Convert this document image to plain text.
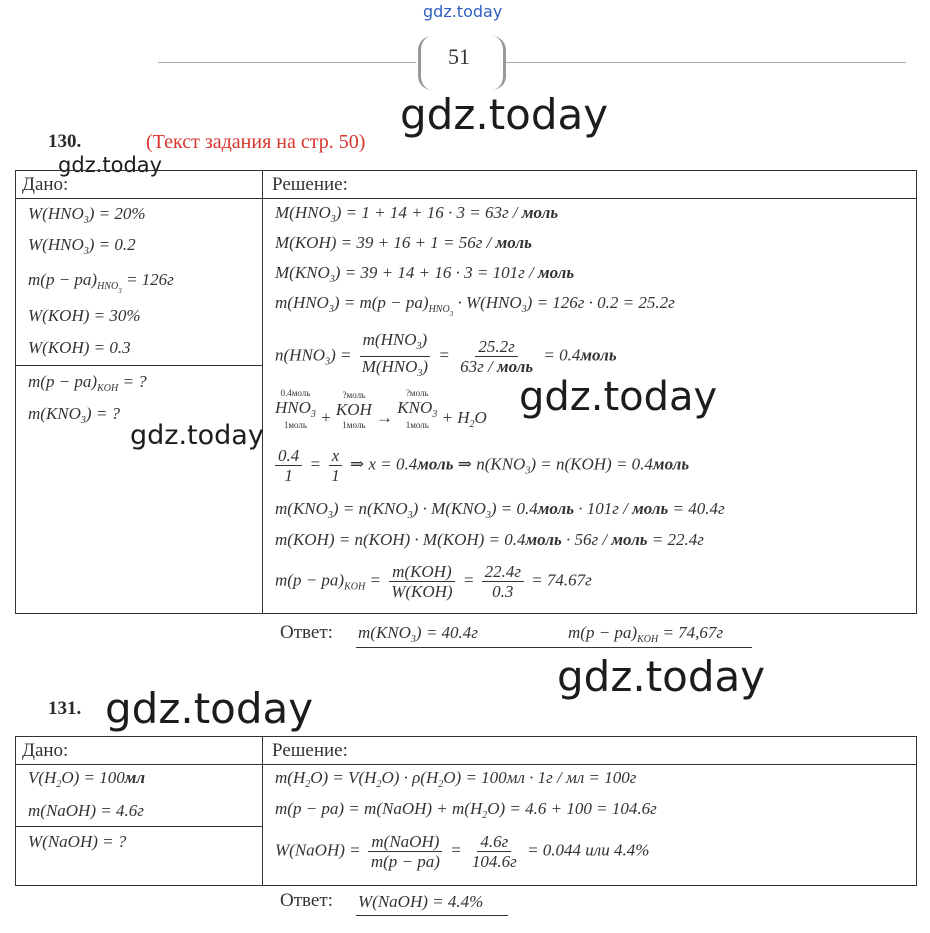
gdz.today
51
gdz.today
130.	(Текст задания на стр. 50)
gdz.today
Дано:	Решение:
$W(HNO_3) = 20\%$
$W(HNO_3) = 0.2$
$m(p - pa)_{HNO_3} = 126г$
W(KOH) = 30%
W(KOH) = 0.3
$m(p - pa)_{KOH}$ = ?
$m(KNO_3)$ = ?
gdz.today
$M(HNO_3) = 1 + 14 + 16 \cdot 3 = 63г$ / моль
M(KOH) = 39 + 16 + 1 = 56г / моль
$M(KNO_3) = 39 + 14 + 16 \cdot 3 = 101г$ / моль
$m(HNO_3) = m(p - pa)_{HNO_3} \cdot W(HNO_3) = 126г \cdot 0.2 = 25.2г$
$n(HNO_3) = \frac{m(HNO_3)}{M(HNO_3)} = \frac{25.2г}{\text{63г / моль}}$ = 0.4моль
0.4моль
$HNO_3$
1моль +
?моль
KOH
1моль →
?моль
$KNO_3$
1моль + $H_2O$ gdz.today
$\frac{0.4}{1} = \frac{x}{1}$ ⇒ x = 0.4моль ⇒ $n(KNO_3) = n(KOH)$ = 0.4моль
$m(KNO_3) = n(KNO_3) \cdot M(KNO_3)$ = 0.4моль · 101г / моль = 40.4г
m(KOH) = n(KOH) · M(KOH) = 0.4моль · 56г / моль = 22.4г
$m(p - pa)_{KOH} = \frac{\text{m(KOH)}}{\text{W(KOH)}} = \frac{22.4г}{0.3} = 74.67г$
Ответ: $m(KNO_3) = 40.4г$	$m(p - pa)_{KOH} = 74,67г$
gdz.today
131. gdz.today
Дано:	Решение:
$V(H_2O) = 100мл$
m(NaOH) = 4.6г
W(NaOH) = ?
$m(H_2O) = V(H_2O) \cdot \rho(H_2O) = 100мл \cdot 1г$ / мл = 100г
m(p − pa) = m(NaOH) + $m(H_2O) = 4.6 + 100 = 104.6г$
W(NaOH) = $\frac{\text{m(NaOH)}}{m(p - pa)} = \frac{4.6г}{104.6г} = 0.044$ или 4.4%
Ответ: W(NaOH) = 4.4%
